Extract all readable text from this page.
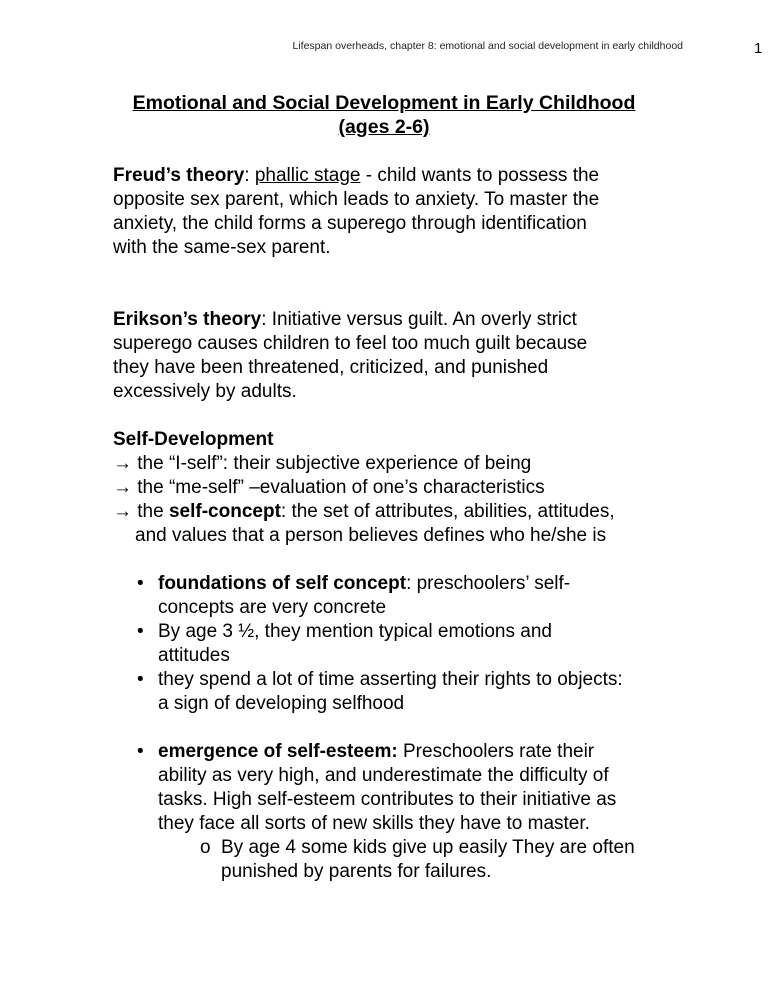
Lifespan overheads, chapter 8: emotional and social development in early childhood	1
Emotional and Social Development in Early Childhood
(ages 2-6)
Freud’s theory: phallic stage - child wants to possess the
opposite sex parent, which leads to anxiety. To master the
anxiety, the child forms a superego through identification
with the same-sex parent.
Erikson’s theory: Initiative versus guilt. An overly strict
superego causes children to feel too much guilt because
they have been threatened, criticized, and punished
excessively by adults.
Self-Development
→ the “I-self”: their subjective experience of being
→ the “me-self” –evaluation of one’s characteristics
→ the self-concept: the set of attributes, abilities, attitudes,
and values that a person believes defines who he/she is
• foundations of self concept: preschoolers’ self-
concepts are very concrete
• By age 3 ½, they mention typical emotions and
attitudes
• they spend a lot of time asserting their rights to objects:
a sign of developing selfhood
• emergence of self-esteem: Preschoolers rate their
ability as very high, and underestimate the difficulty of
tasks. High self-esteem contributes to their initiative as
they face all sorts of new skills they have to master.
o By age 4 some kids give up easily They are often
punished by parents for failures.
